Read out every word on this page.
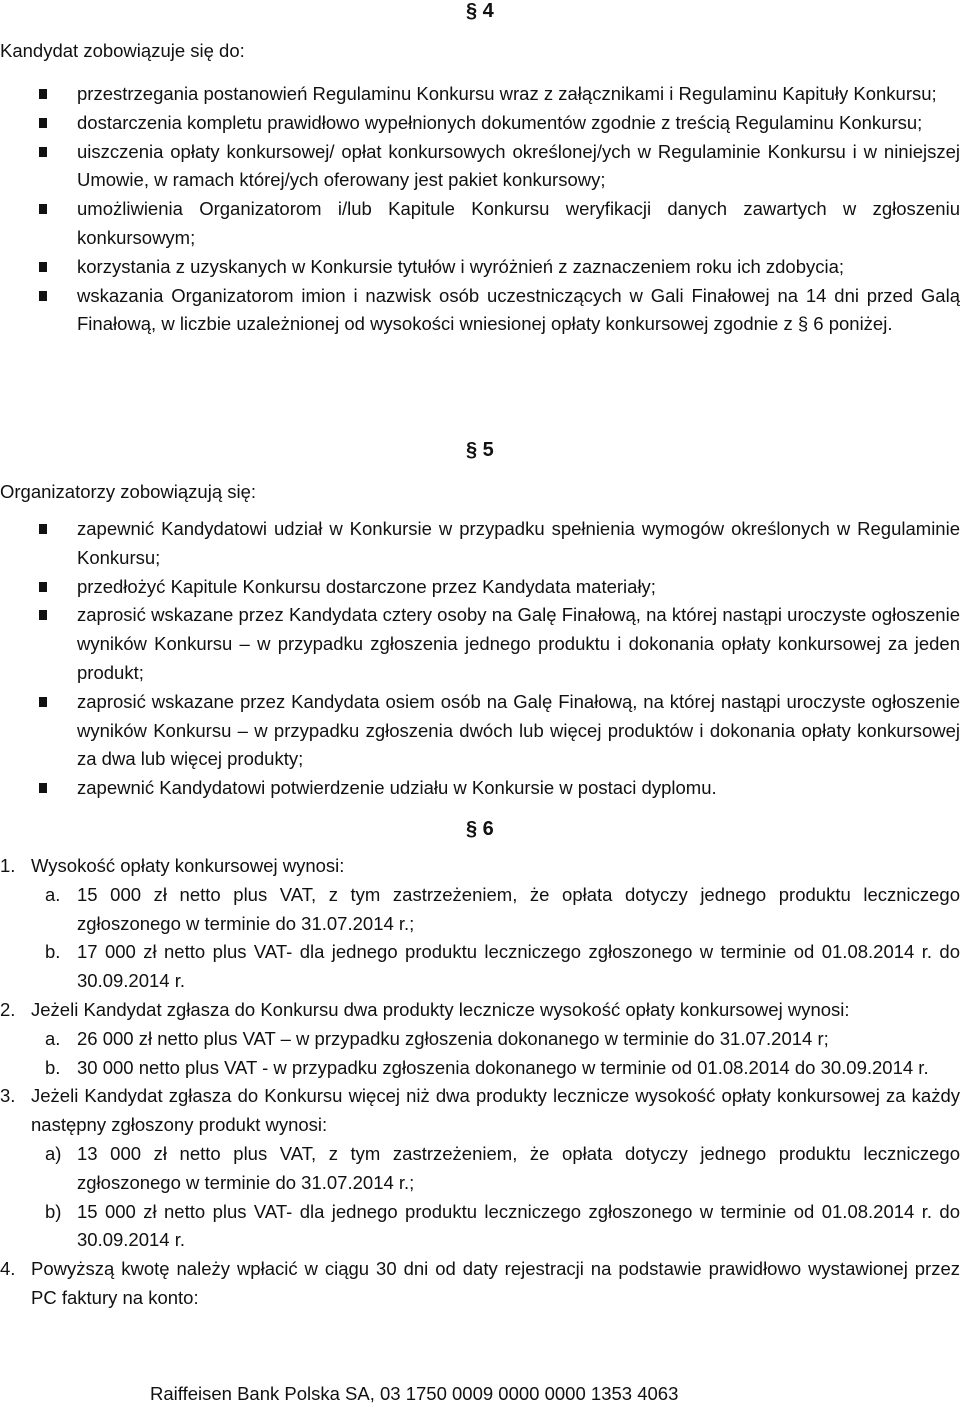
§ 4
Kandydat zobowiązuje się do:
przestrzegania postanowień Regulaminu Konkursu wraz z załącznikami i Regulaminu Kapituły Konkursu;
dostarczenia kompletu prawidłowo wypełnionych dokumentów zgodnie z treścią Regulaminu Konkursu;
uiszczenia opłaty konkursowej/ opłat konkursowych określonej/ych w Regulaminie Konkursu i w niniejszej Umowie, w ramach której/ych oferowany jest pakiet konkursowy;
umożliwienia Organizatorom i/lub Kapitule Konkursu weryfikacji danych zawartych w zgłoszeniu konkursowym;
korzystania z uzyskanych w Konkursie tytułów i wyróżnień z zaznaczeniem roku ich zdobycia;
wskazania Organizatorom imion i nazwisk osób uczestniczących w Gali Finałowej na 14 dni przed Galą Finałową, w liczbie uzależnionej od wysokości wniesionej opłaty konkursowej zgodnie z § 6 poniżej.
§ 5
Organizatorzy zobowiązują się:
zapewnić Kandydatowi udział w Konkursie w przypadku spełnienia wymogów określonych w Regulaminie Konkursu;
przedłożyć Kapitule Konkursu dostarczone przez Kandydata materiały;
zaprosić wskazane przez Kandydata cztery osoby na Galę Finałową, na której nastąpi uroczyste ogłoszenie wyników Konkursu – w przypadku zgłoszenia jednego produktu i dokonania opłaty konkursowej za jeden produkt;
zaprosić wskazane przez Kandydata osiem osób na Galę Finałową, na której nastąpi uroczyste ogłoszenie wyników Konkursu – w przypadku zgłoszenia dwóch lub więcej produktów i dokonania opłaty konkursowej za dwa lub więcej produkty;
zapewnić Kandydatowi potwierdzenie udziału w Konkursie w postaci dyplomu.
§ 6
1. Wysokość opłaty konkursowej wynosi:
a. 15 000 zł netto plus VAT, z tym zastrzeżeniem, że opłata dotyczy jednego produktu leczniczego zgłoszonego w terminie do 31.07.2014 r.;
b. 17 000 zł netto plus VAT- dla jednego produktu leczniczego zgłoszonego w terminie od 01.08.2014 r. do 30.09.2014 r.
2. Jeżeli Kandydat zgłasza do Konkursu dwa produkty lecznicze wysokość opłaty konkursowej wynosi:
a. 26 000 zł netto plus VAT – w przypadku zgłoszenia dokonanego w terminie do 31.07.2014 r;
b. 30 000 netto plus VAT - w przypadku zgłoszenia dokonanego w terminie od 01.08.2014 do 30.09.2014 r.
3. Jeżeli Kandydat zgłasza do Konkursu więcej niż dwa produkty lecznicze wysokość opłaty konkursowej za każdy następny zgłoszony produkt wynosi:
a) 13 000 zł netto plus VAT, z tym zastrzeżeniem, że opłata dotyczy jednego produktu leczniczego zgłoszonego w terminie do 31.07.2014 r.;
b) 15 000 zł netto plus VAT- dla jednego produktu leczniczego zgłoszonego w terminie od 01.08.2014 r. do 30.09.2014 r.
4. Powyższą kwotę należy wpłacić w ciągu 30 dni od daty rejestracji na podstawie prawidłowo wystawionej przez PC faktury na konto:
Raiffeisen Bank Polska SA, 03 1750 0009 0000 0000 1353 4063
